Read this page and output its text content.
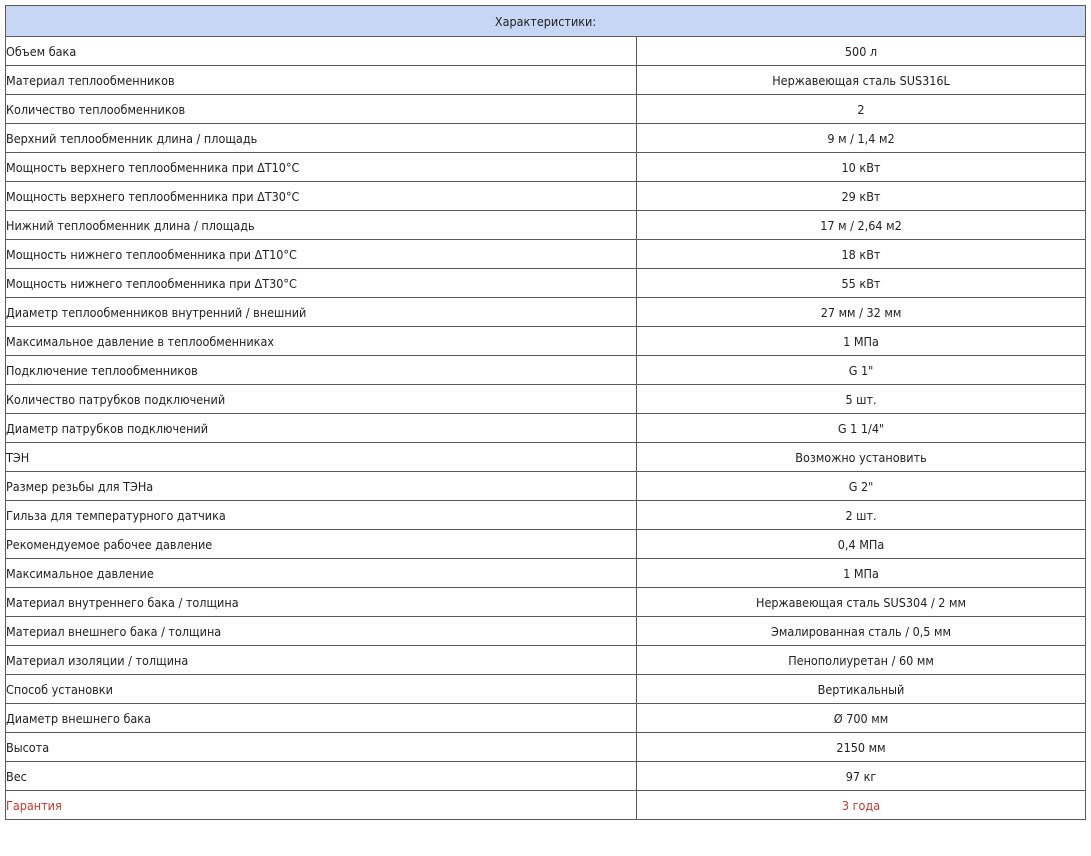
Характеристики:	
Объем бака	500 л
Материал теплообменников	Нержавеющая сталь SUS316L
Количество теплообменников	2
Верхний теплообменник длина / площадь	9 м / 1,4 м2
Мощность верхнего теплообменника при ΔТ10°С	10 кВт
Мощность верхнего теплообменника при ΔТ30°С	29 кВт
Нижний теплообменник длина / площадь	17 м / 2,64 м2
Мощность нижнего теплообменника при ΔТ10°С	18 кВт
Мощность нижнего теплообменника при ΔТ30°С	55 кВт
Диаметр теплообменников внутренний / внешний	27 мм / 32 мм
Максимальное давление в теплообменниках	1 МПа
Подключение теплообменников	G 1"
Количество патрубков подключений	5 шт.
Диаметр патрубков подключений	G 1 1/4"
ТЭН	Возможно установить
Размер резьбы для ТЭНа	G 2"
Гильза для температурного датчика	2 шт.
Рекомендуемое рабочее давление	0,4 МПа
Максимальное давление	1 МПа
Материал внутреннего бака / толщина	Нержавеющая сталь SUS304 / 2 мм
Материал внешнего бака / толщина	Эмалированная сталь / 0,5 мм
Материал изоляции / толщина	Пенополиуретан / 60 мм
Способ установки	Вертикальный
Диаметр внешнего бака	Ø 700 мм
Высота	2150 мм
Вес	97 кг
Гарантия	3 года
